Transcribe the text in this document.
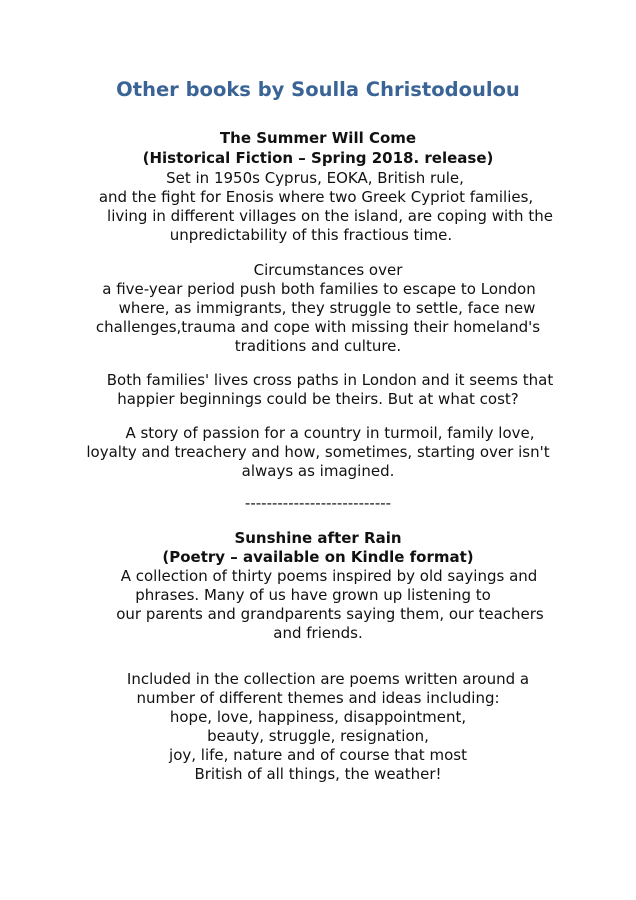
Other books by Soulla Christodoulou
The Summer Will Come
(Historical Fiction – Spring 2018. release)
Set in 1950s Cyprus, EOKA, British rule,
and the fight for Enosis where two Greek Cypriot families,
living in different villages on the island, are coping with the
unpredictability of this fractious time.
Circumstances over
a five-year period push both families to escape to London
where, as immigrants, they struggle to settle, face new
challenges,trauma and cope with missing their homeland's
traditions and culture.
Both families' lives cross paths in London and it seems that
happier beginnings could be theirs. But at what cost?
A story of passion for a country in turmoil, family love,
loyalty and treachery and how, sometimes, starting over isn't
always as imagined.
---------------------------
Sunshine after Rain
(Poetry – available on Kindle format)
A collection of thirty poems inspired by old sayings and
phrases. Many of us have grown up listening to
our parents and grandparents saying them, our teachers
and friends.
Included in the collection are poems written around a
number of different themes and ideas including:
hope, love, happiness, disappointment,
beauty, struggle, resignation,
joy, life, nature and of course that most
British of all things, the weather!
